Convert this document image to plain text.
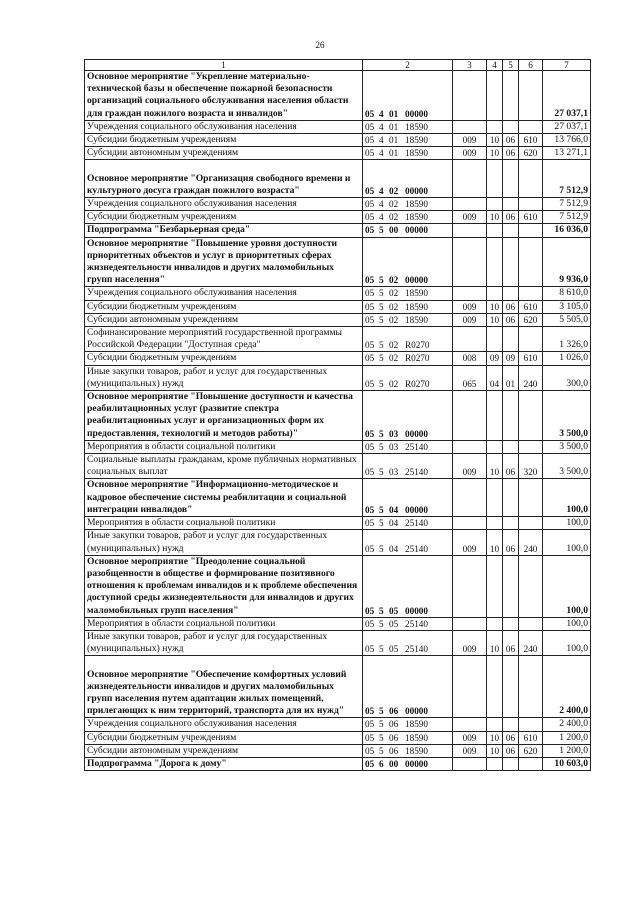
26
1	2	3	4	5	6	7
Основное мероприятие "Укрепление материально-технической базы и обеспечение пожарной безопасности организаций социального обслуживания населения области для граждан пожилого возраста и инвалидов"	05 4 01 00000					27 037,1
Учреждения социального обслуживания населения	05 4 01 18590					27 037,1
Субсидии бюджетным учреждениям	05 4 01 18590	009	10	06	610	13 766,0
Субсидии автономным учреждениям	05 4 01 18590	009	10	06	620	13 271,1
Основное мероприятие "Организация свободного времени и культурного досуга граждан пожилого возраста"	05 4 02 00000					7 512,9
Учреждения социального обслуживания населения	05 4 02 18590					7 512,9
Субсидии бюджетным учреждениям	05 4 02 18590	009	10	06	610	7 512,9
Подпрограмма "Безбарьерная среда"	05 5 00 00000					16 036,0
Основное мероприятие "Повышение уровня доступности приоритетных объектов и услуг в приоритетных сферах жизнедеятельности инвалидов и других маломобильных групп населения"	05 5 02 00000					9 936,0
Учреждения социального обслуживания населения	05 5 02 18590					8 610,0
Субсидии бюджетным учреждениям	05 5 02 18590	009	10	06	610	3 105,0
Субсидии автономным учреждениям	05 5 02 18590	009	10	06	620	5 505,0
Софинансирование мероприятий государственной программы Российской Федерации "Доступная среда"	05 5 02 R0270					1 326,0
Субсидии бюджетным учреждениям	05 5 02 R0270	008	09	09	610	1 026,0
Иные закупки товаров, работ и услуг для государственных (муниципальных) нужд	05 5 02 R0270	065	04	01	240	300,0
Основное мероприятие "Повышение доступности и качества реабилитационных услуг (развитие спектра реабилитационных услуг и организационных форм их предоставления, технологий и методов работы)"	05 5 03 00000					3 500,0
Мероприятия в области социальной политики	05 5 03 25140					3 500,0
Социальные выплаты гражданам, кроме публичных нормативных социальных выплат	05 5 03 25140	009	10	06	320	3 500,0
Основное мероприятие "Информационно-методическое и кадровое обеспечение системы реабилитации и социальной интеграции инвалидов"	05 5 04 00000					100,0
Мероприятия в области социальной политики	05 5 04 25140					100,0
Иные закупки товаров, работ и услуг для государственных (муниципальных) нужд	05 5 04 25140	009	10	06	240	100,0
Основное мероприятие "Преодоление социальной разобщенности в обществе и формирование позитивного отношения к проблемам инвалидов и к проблеме обеспечения доступной среды жизнедеятельности для инвалидов и других маломобильных групп населения"	05 5 05 00000					100,0
Мероприятия в области социальной политики	05 5 05 25140					100,0
Иные закупки товаров, работ и услуг для государственных (муниципальных) нужд	05 5 05 25140	009	10	06	240	100,0
Основное мероприятие "Обеспечение комфортных условий жизнедеятельности инвалидов и других маломобильных групп населения путем адаптации жилых помещений, прилегающих к ним территорий, транспорта для их нужд"	05 5 06 00000					2 400,0
Учреждения социального обслуживания населения	05 5 06 18590					2 400,0
Субсидии бюджетным учреждениям	05 5 06 18590	009	10	06	610	1 200,0
Субсидии автономным учреждениям	05 5 06 18590	009	10	06	620	1 200,0
Подпрограмма "Дорога к дому"	05 6 00 00000					10 603,0
